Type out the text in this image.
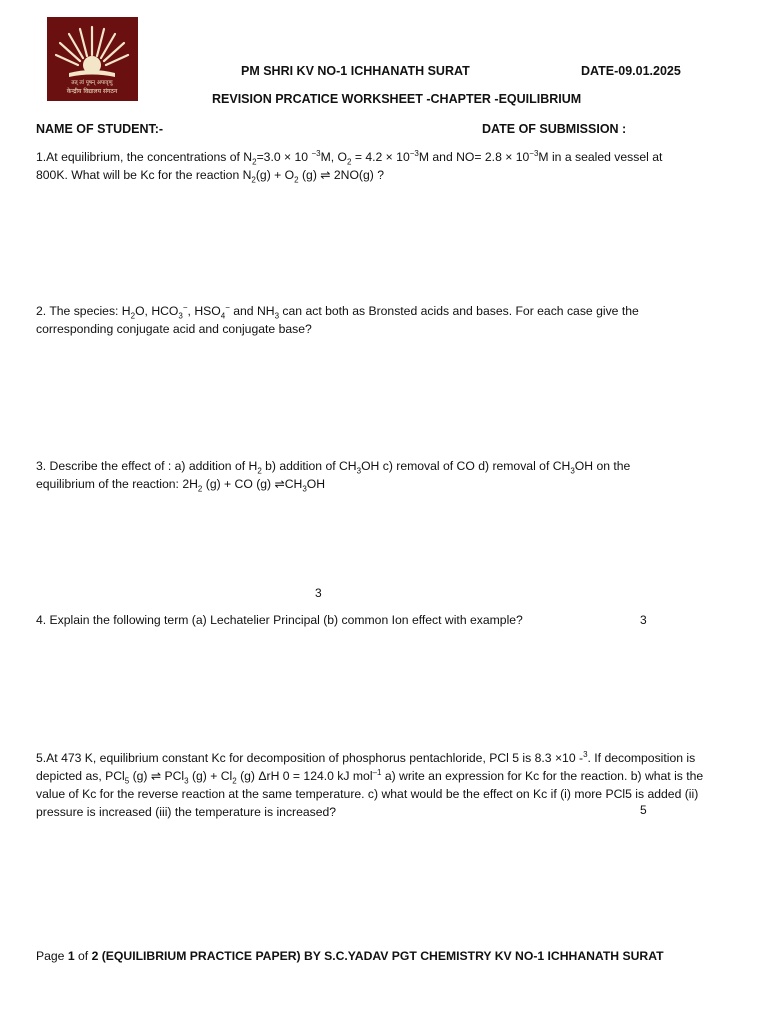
तत् त्वं पूषन् अपावृणु
केन्द्रीय विद्यालय संगठन
PM SHRI KV NO-1 ICHHANATH SURAT	DATE-09.01.2025
REVISION PRCATICE WORKSHEET -CHAPTER -EQUILIBRIUM
NAME OF STUDENT:-	DATE OF SUBMISSION :
1.At equilibrium, the concentrations of $N_2=3.0 \times 10$ $^{-3}$M, $O_2 = 4.2 \times 10^{-3}M$ and $NO= 2.8 \times 10^{-3}M$ in a sealed vessel at
800K. What will be Kc for the reaction $N_2(g) + O_2$ (g) ⇌ 2NO(g) ?
2. The species: $H_2O$, $HCO_3^-$, $HSO_4^-$ and $NH_3$ can act both as Bronsted acids and bases. For each case give the
corresponding conjugate acid and conjugate base?
3. Describe the effect of : a) addition of $H_2$ b) addition of $CH_3OH$ c) removal of CO d) removal of $CH_3OH$ on the
equilibrium of the reaction: $2H_2$ (g) + CO (g) $\rightleftharpoons CH_3OH$
3
4. Explain the following term (a) Lechatelier Principal (b) common Ion effect with example?	3
5.At 473 K, equilibrium constant Kc for decomposition of phosphorus pentachloride, PCl 5 is 8.3 ×10 -$^3$. If decomposition is
depicted as, PCl$_5$ (g) ⇌ PCl$_3$ $(g) + Cl_2$ (g) ΔrH 0 = 124.0 kJ mol$^{-1}$ a) write an expression for Kc for the reaction. b) what is the
value of Kc for the reverse reaction at the same temperature. c) what would be the effect on Kc if (i) more PCl5 is added (ii)
pressure is increased (iii) the temperature is increased?	5
Page 1 of 2 (EQUILIBRIUM PRACTICE PAPER) BY S.C.YADAV PGT CHEMISTRY KV NO-1 ICHHANATH SURAT
